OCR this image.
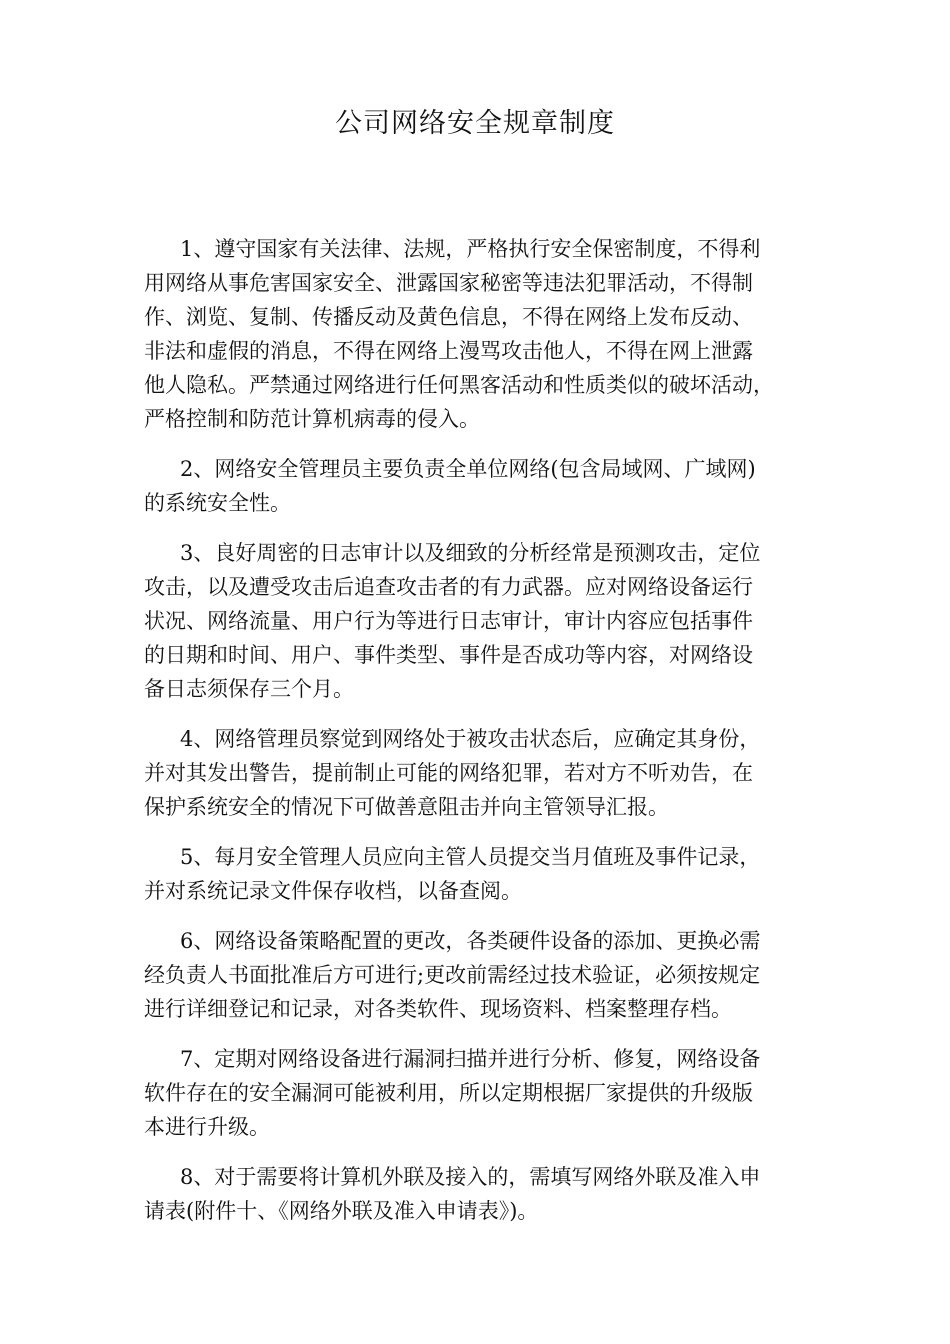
公司网络安全规章制度

1、遵守国家有关法律、法规，严格执行安全保密制度，不得利
用网络从事危害国家安全、泄露国家秘密等违法犯罪活动，不得制
作、浏览、复制、传播反动及黄色信息，不得在网络上发布反动、
非法和虚假的消息，不得在网络上漫骂攻击他人，不得在网上泄露
他人隐私。严禁通过网络进行任何黑客活动和性质类似的破坏活动，
严格控制和防范计算机病毒的侵入。

2、网络安全管理员主要负责全单位网络(包含局域网、广域网)
的系统安全性。

3、良好周密的日志审计以及细致的分析经常是预测攻击，定位
攻击，以及遭受攻击后追查攻击者的有力武器。应对网络设备运行
状况、网络流量、用户行为等进行日志审计，审计内容应包括事件
的日期和时间、用户、事件类型、事件是否成功等内容，对网络设
备日志须保存三个月。

4、网络管理员察觉到网络处于被攻击状态后，应确定其身份，
并对其发出警告，提前制止可能的网络犯罪，若对方不听劝告，在
保护系统安全的情况下可做善意阻击并向主管领导汇报。

5、每月安全管理人员应向主管人员提交当月值班及事件记录，
并对系统记录文件保存收档，以备查阅。

6、网络设备策略配置的更改，各类硬件设备的添加、更换必需
经负责人书面批准后方可进行;更改前需经过技术验证，必须按规定
进行详细登记和记录，对各类软件、现场资料、档案整理存档。

7、定期对网络设备进行漏洞扫描并进行分析、修复，网络设备
软件存在的安全漏洞可能被利用，所以定期根据厂家提供的升级版
本进行升级。

8、对于需要将计算机外联及接入的，需填写网络外联及准入申
请表(附件十、《网络外联及准入申请表》)。
